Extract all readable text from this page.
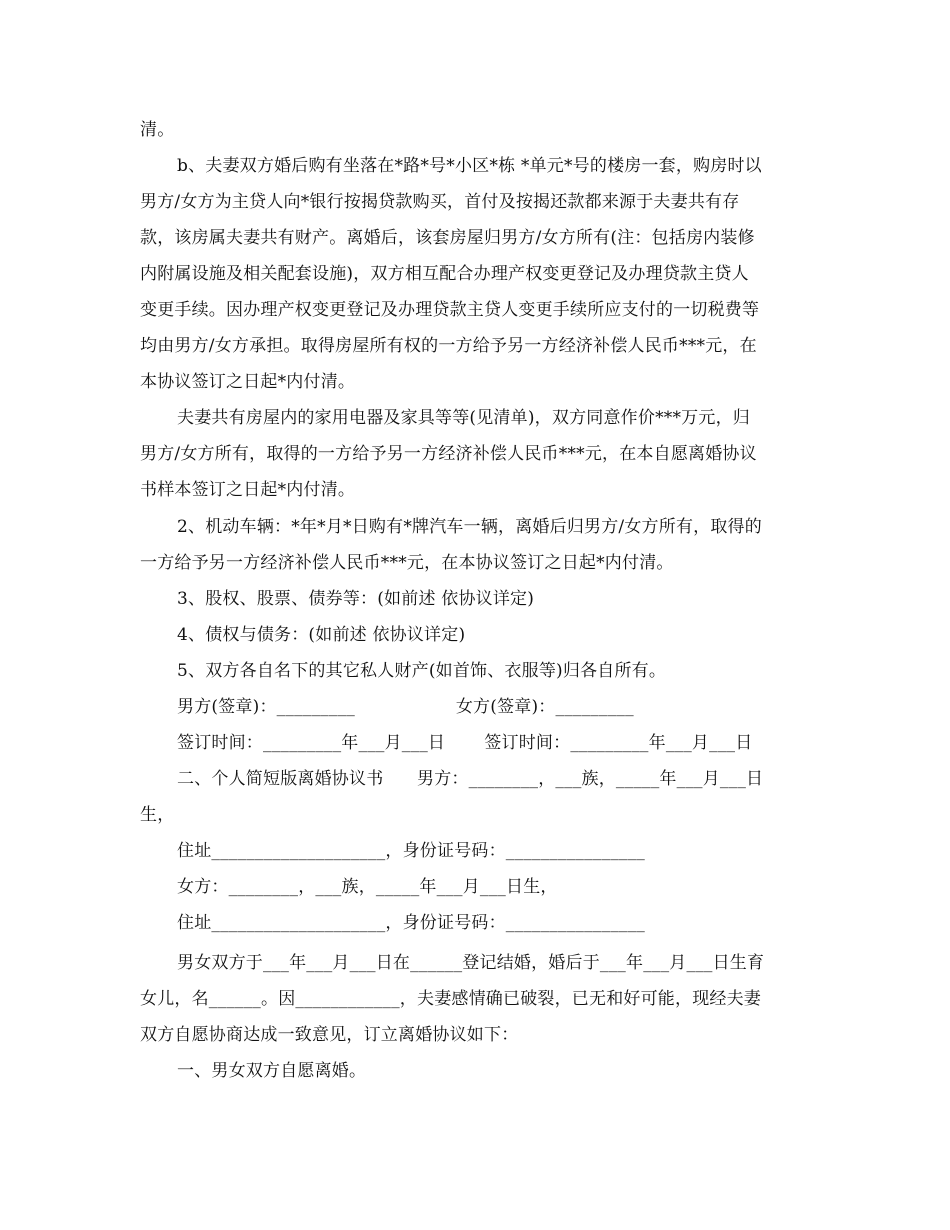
清。
b、夫妻双方婚后购有坐落在*路*号*小区*栋 *单元*号的楼房一套，购房时以
男方/女方为主贷人向*银行按揭贷款购买，首付及按揭还款都来源于夫妻共有存
款，该房属夫妻共有财产。离婚后，该套房屋归男方/女方所有(注：包括房内装修
内附属设施及相关配套设施)，双方相互配合办理产权变更登记及办理贷款主贷人
变更手续。因办理产权变更登记及办理贷款主贷人变更手续所应支付的一切税费等
均由男方/女方承担。取得房屋所有权的一方给予另一方经济补偿人民币***元，在
本协议签订之日起*内付清。
夫妻共有房屋内的家用电器及家具等等(见清单)，双方同意作价***万元，归
男方/女方所有，取得的一方给予另一方经济补偿人民币***元，在本自愿离婚协议
书样本签订之日起*内付清。
2、机动车辆：*年*月*日购有*牌汽车一辆，离婚后归男方/女方所有，取得的
一方给予另一方经济补偿人民币***元，在本协议签订之日起*内付清。
3、股权、股票、债券等：(如前述 依协议详定)
4、债权与债务：(如前述 依协议详定)
5、双方各自名下的其它私人财产(如首饰、衣服等)归各自所有。
男方(签章)：_________                  女方(签章)：_________
签订时间：_________年___月___日       签订时间：_________年___月___日
二、个人简短版离婚协议书      男方：________，___族，_____年___月___日
生，
住址____________________，身份证号码：________________
女方：________，___族，_____年___月___日生，
住址____________________，身份证号码：________________
男女双方于___年___月___日在______登记结婚，婚后于___年___月___日生育
女儿，名______。因____________，夫妻感情确已破裂，已无和好可能，现经夫妻
双方自愿协商达成一致意见，订立离婚协议如下：
一、男女双方自愿离婚。
